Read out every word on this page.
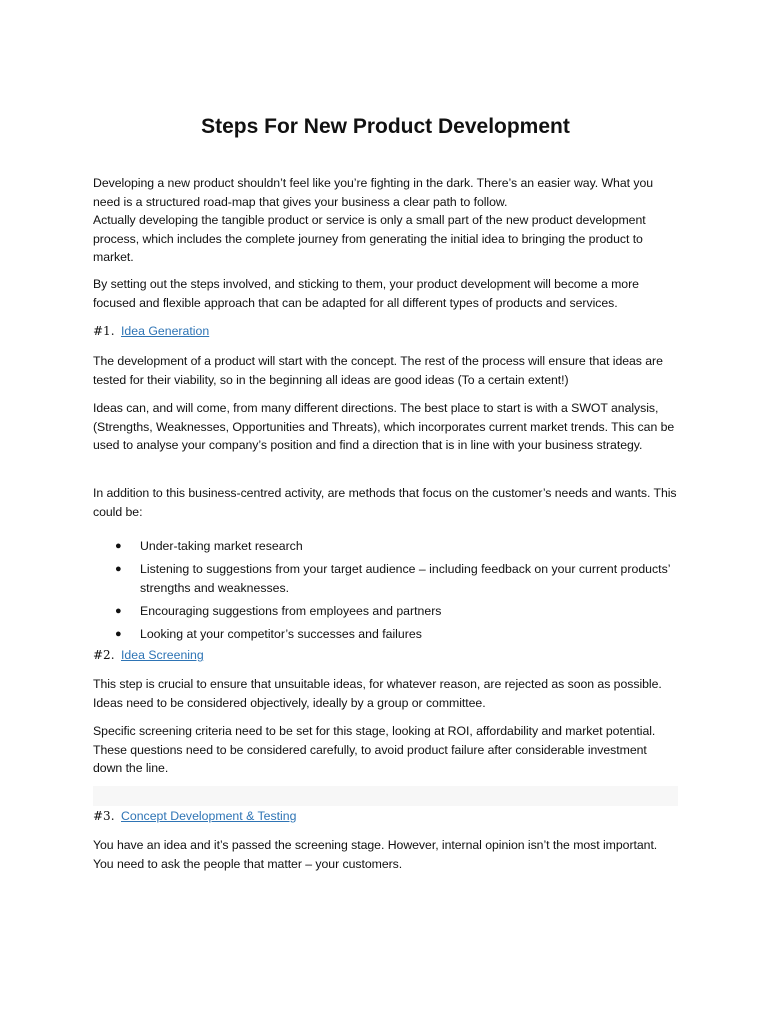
Steps For New Product Development

Developing a new product shouldn’t feel like you’re fighting in the dark. There’s an easier way. What you need is a structured road-map that gives your business a clear path to follow.
Actually developing the tangible product or service is only a small part of the new product development process, which includes the complete journey from generating the initial idea to bringing the product to market.

By setting out the steps involved, and sticking to them, your product development will become a more focused and flexible approach that can be adapted for all different types of products and services.

#1. Idea Generation

The development of a product will start with the concept. The rest of the process will ensure that ideas are tested for their viability, so in the beginning all ideas are good ideas (To a certain extent!)

Ideas can, and will come, from many different directions. The best place to start is with a SWOT analysis, (Strengths, Weaknesses, Opportunities and Threats), which incorporates current market trends. This can be used to analyse your company’s position and find a direction that is in line with your business strategy.

In addition to this business-centred activity, are methods that focus on the customer’s needs and wants. This could be:

● Under-taking market research
● Listening to suggestions from your target audience – including feedback on your current products’ strengths and weaknesses.
● Encouraging suggestions from employees and partners
● Looking at your competitor’s successes and failures
#2. Idea Screening

This step is crucial to ensure that unsuitable ideas, for whatever reason, are rejected as soon as possible. Ideas need to be considered objectively, ideally by a group or committee.

Specific screening criteria need to be set for this stage, looking at ROI, affordability and market potential. These questions need to be considered carefully, to avoid product failure after considerable investment down the line.

#3. Concept Development & Testing

You have an idea and it’s passed the screening stage. However, internal opinion isn’t the most important. You need to ask the people that matter – your customers.
